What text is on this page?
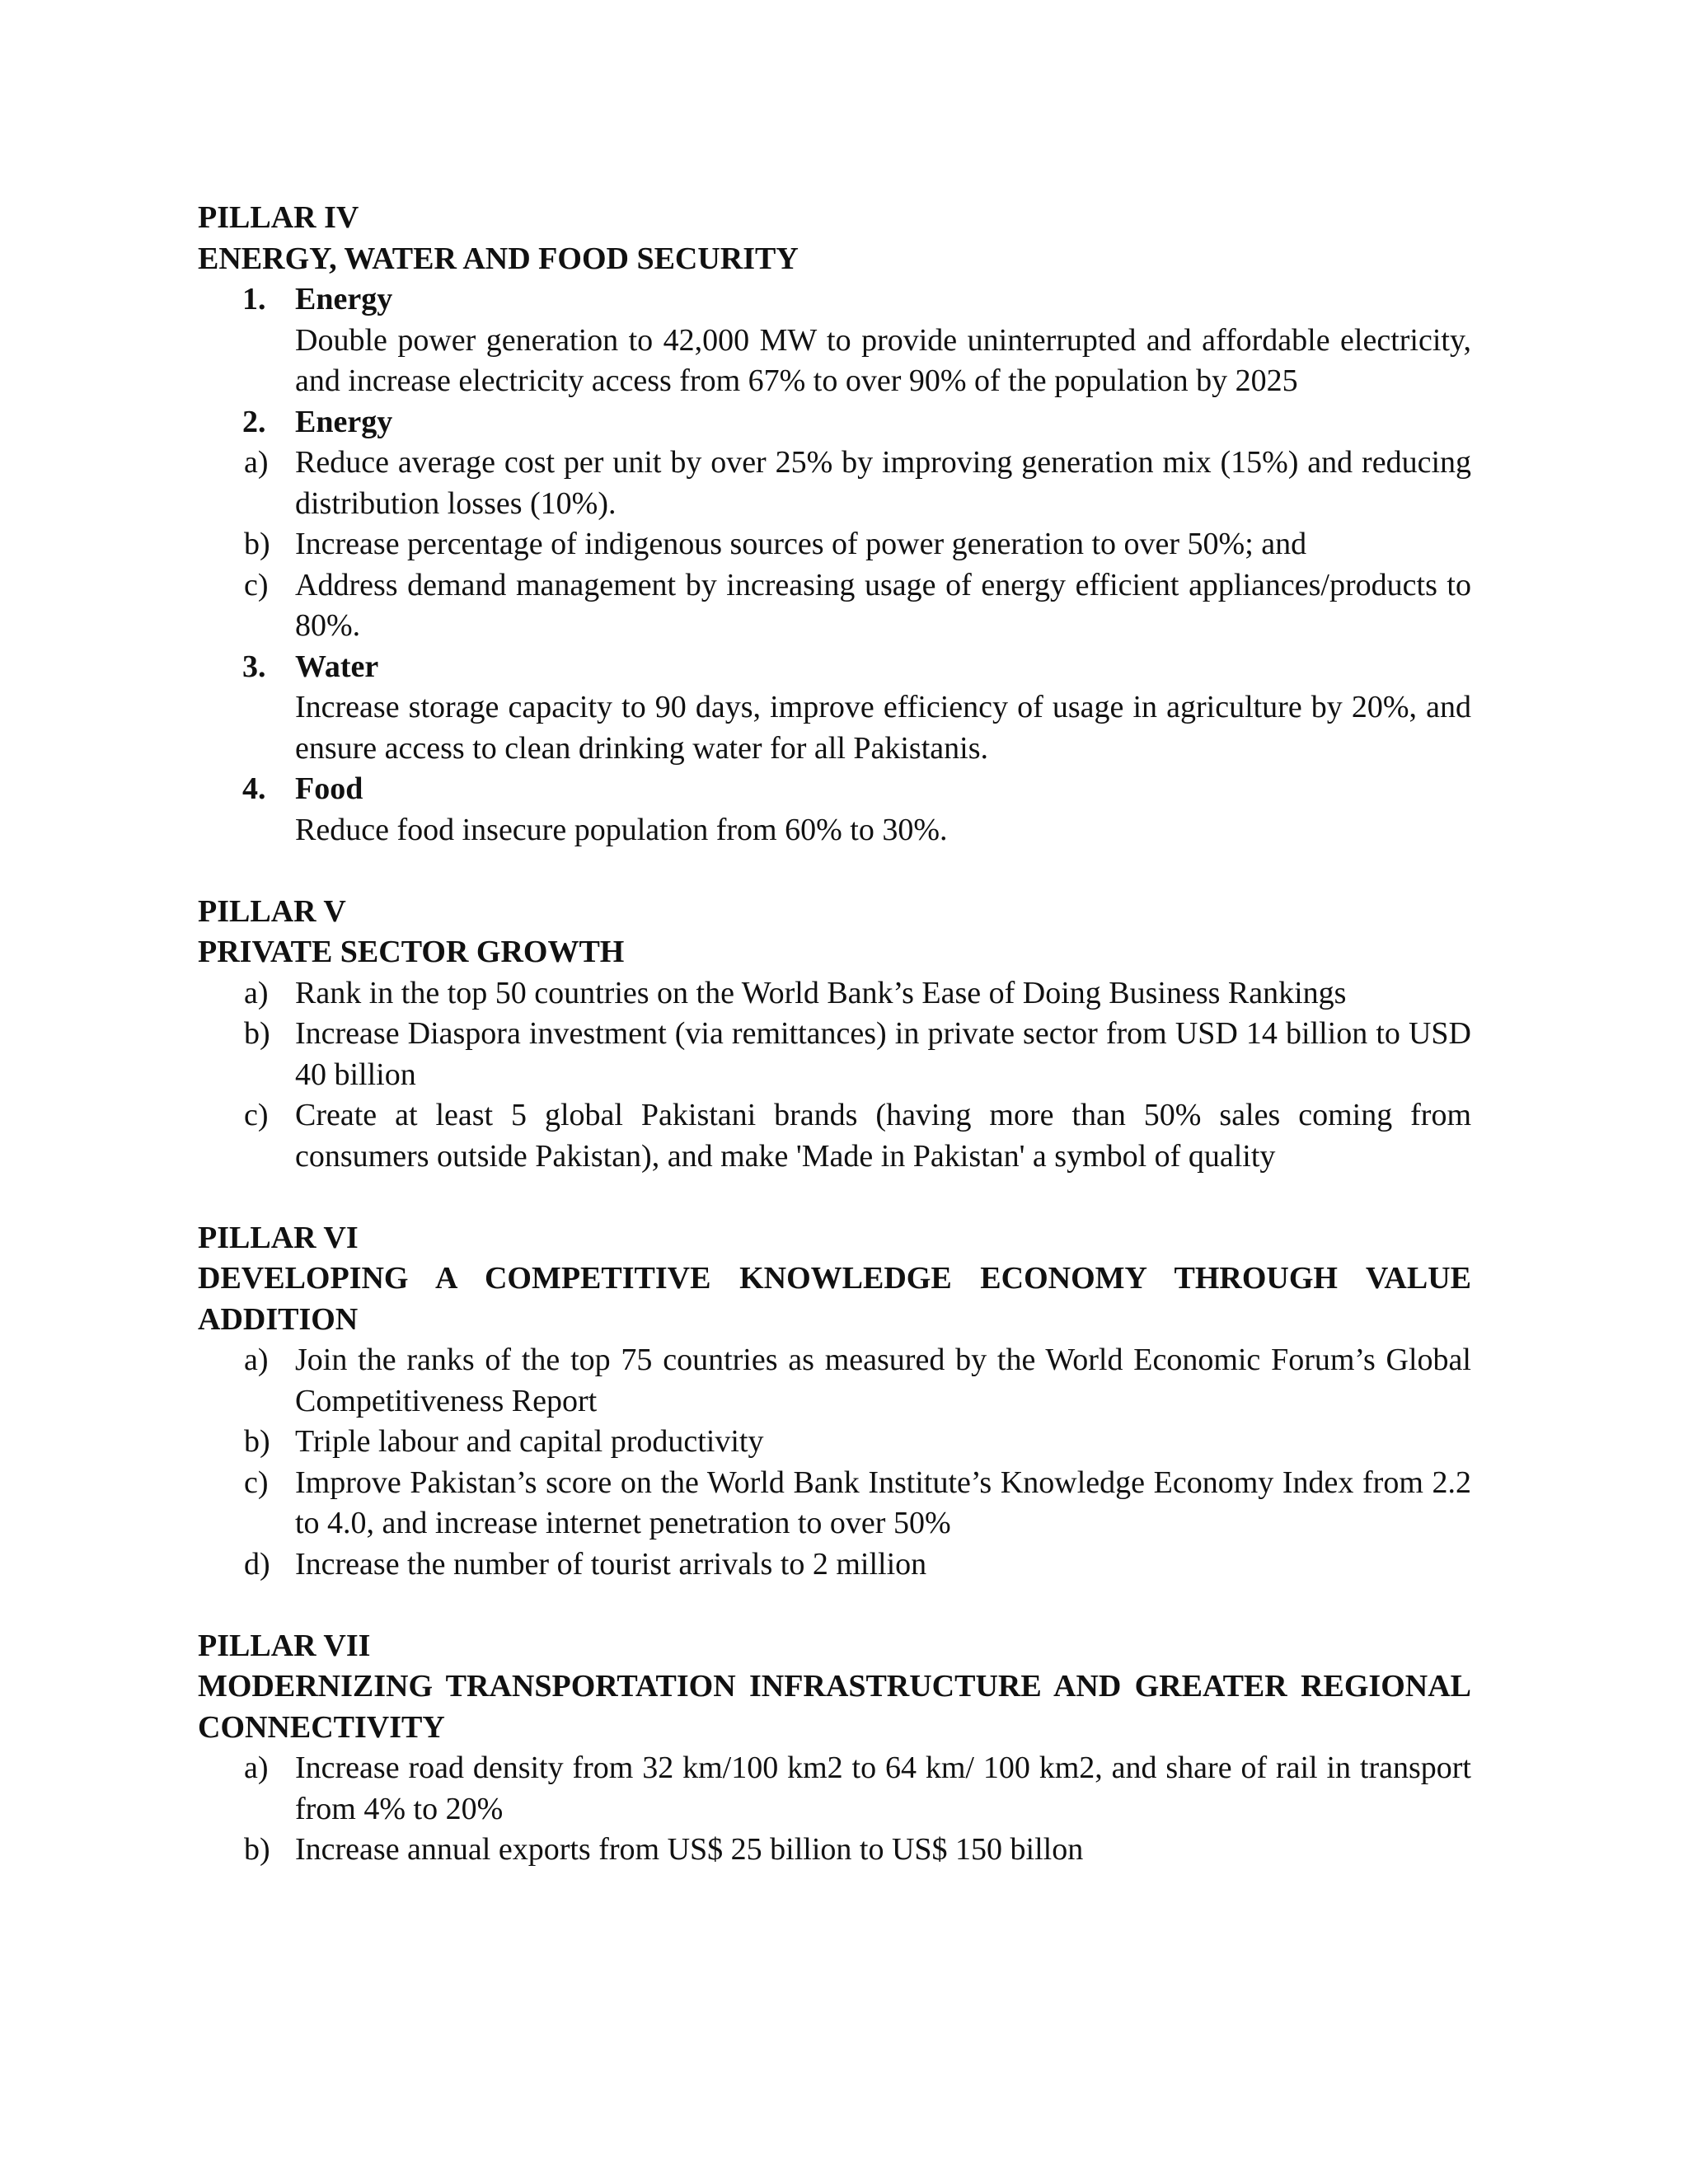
PILLAR IV

ENERGY, WATER AND FOOD SECURITY

1. Energy
Double power generation to 42,000 MW to provide uninterrupted and affordable electricity, and increase electricity access from 67% to over 90% of the population by 2025
2. Energy
a) Reduce average cost per unit by over 25% by improving generation mix (15%) and reducing distribution losses (10%).
b) Increase percentage of indigenous sources of power generation to over 50%; and
c) Address demand management by increasing usage of energy efficient appliances/products to 80%.
3. Water
Increase storage capacity to 90 days, improve efficiency of usage in agriculture by 20%, and ensure access to clean drinking water for all Pakistanis.
4. Food
Reduce food insecure population from 60% to 30%.

PILLAR V

PRIVATE SECTOR GROWTH

a) Rank in the top 50 countries on the World Bank’s Ease of Doing Business Rankings
b) Increase Diaspora investment (via remittances) in private sector from USD 14 billion to USD 40 billion
c) Create at least 5 global Pakistani brands (having more than 50% sales coming from consumers outside Pakistan), and make 'Made in Pakistan' a symbol of quality

PILLAR VI

DEVELOPING A COMPETITIVE KNOWLEDGE ECONOMY THROUGH VALUE ADDITION

a) Join the ranks of the top 75 countries as measured by the World Economic Forum’s Global Competitiveness Report
b) Triple labour and capital productivity
c) Improve Pakistan’s score on the World Bank Institute’s Knowledge Economy Index from 2.2 to 4.0, and increase internet penetration to over 50%
d) Increase the number of tourist arrivals to 2 million

PILLAR VII

MODERNIZING TRANSPORTATION INFRASTRUCTURE AND GREATER REGIONAL CONNECTIVITY

a) Increase road density from 32 km/100 km2 to 64 km/ 100 km2, and share of rail in transport from 4% to 20%
b) Increase annual exports from US$ 25 billion to US$ 150 billon
